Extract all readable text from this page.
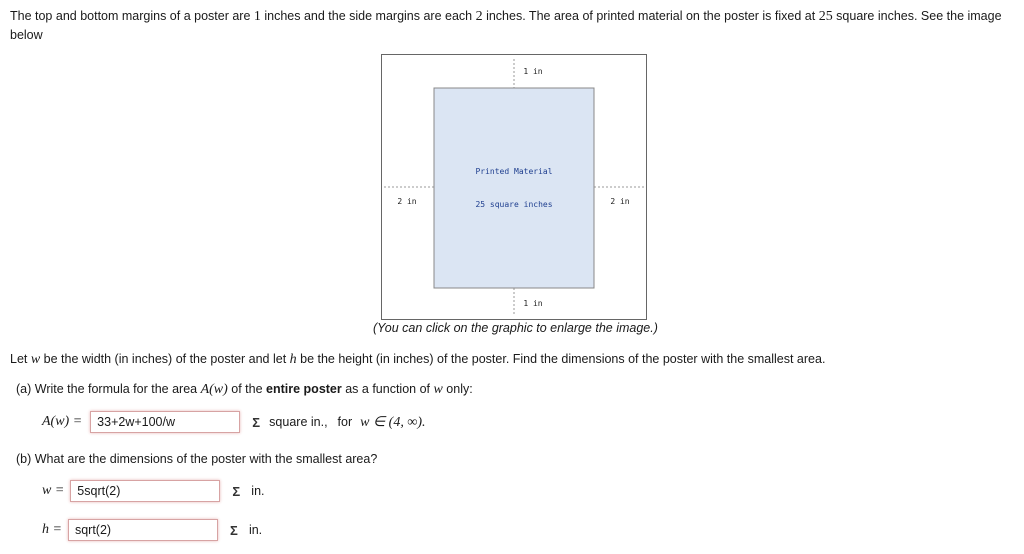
The top and bottom margins of a poster are 1 inches and the side margins are each 2 inches. The area of printed material on the poster is fixed at 25 square inches. See the image below
1 in
1 in
2 in	2 in
Printed Material
25 square inches
(You can click on the graphic to enlarge the image.)
Let w be the width (in inches) of the poster and let h be the height (in inches) of the poster. Find the dimensions of the poster with the smallest area.
(a) Write the formula for the area A(w) of the entire poster as a function of w only:
A(w) =	33+2w+100/w	Σ square in., for w ∈ (4, ∞).
(b) What are the dimensions of the poster with the smallest area?
w =	5sqrt(2)	Σ in.
h =	sqrt(2)	Σ in.
